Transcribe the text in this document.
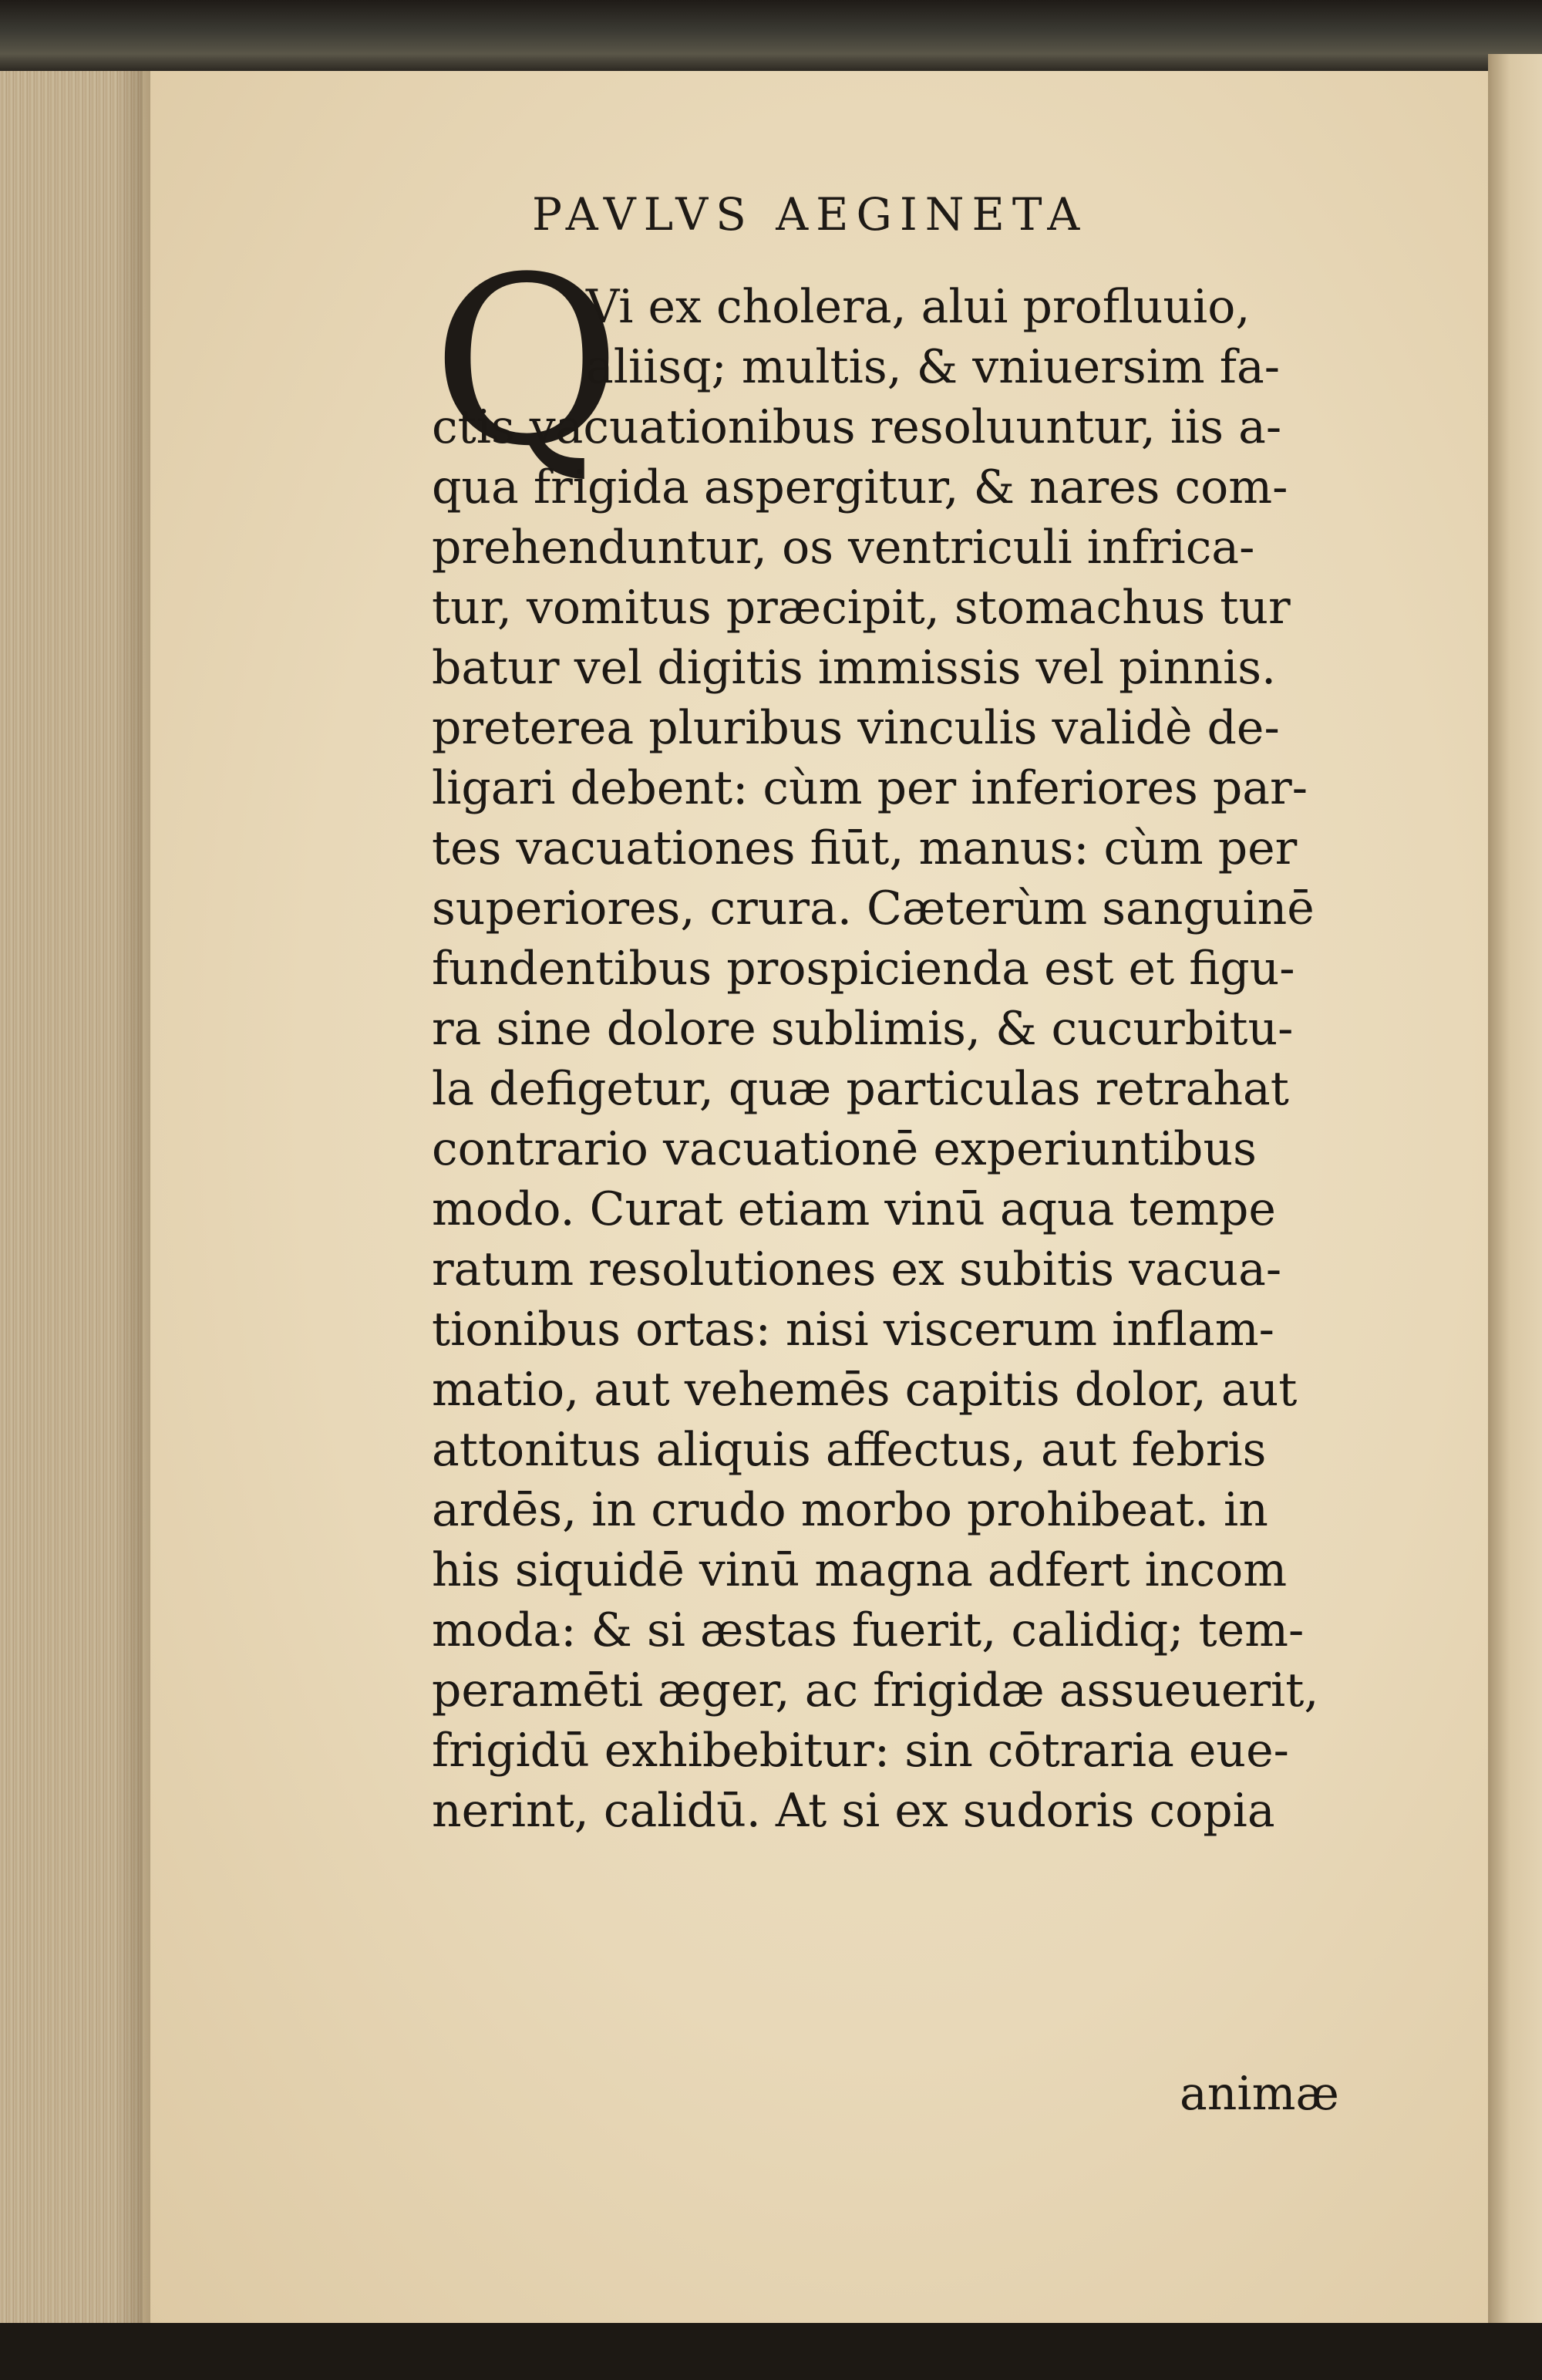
PAVLVS AEGINETA
Q
Vi ex cholera, alui profluuio,
aliisq; multis, & vniuersim fa-
ctis vacuationibus resoluuntur, iis a-
qua frigida aspergitur, & nares com-
prehenduntur, os ventriculi infrica-
tur, vomitus præcipit, stomachus tur
batur vel digitis immissis vel pinnis.
preterea pluribus vinculis validè de-
ligari debent: cùm per inferiores par-
tes vacuationes fiūt, manus: cùm per
superiores, crura. Cæterùm sanguinē
fundentibus prospicienda est et figu-
ra sine dolore sublimis, & cucurbitu-
la defigetur, quæ particulas retrahat
contrario vacuationē experiuntibus
modo. Curat etiam vinū aqua tempe
ratum resolutiones ex subitis vacua-
tionibus ortas: nisi viscerum inflam-
matio, aut vehemēs capitis dolor, aut
attonitus aliquis affectus, aut febris
ardēs, in crudo morbo prohibeat. in
his siquidē vinū magna adfert incom
moda: & si æstas fuerit, calidiq; tem-
peramēti æger, ac frigidæ assueuerit,
frigidū exhibebitur: sin cōtraria eue-
nerint, calidū. At si ex sudoris copia
animæ
